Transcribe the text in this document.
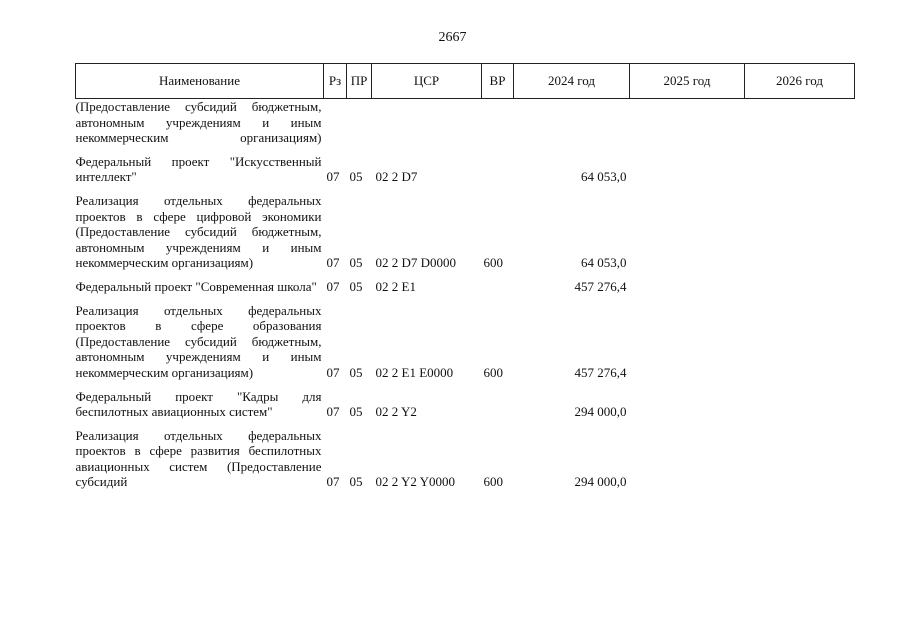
2667
Наименование	Рз	ПР	ЦСР	ВР	2024 год	2025 год	2026 год
(Предоставление субсидий бюджетным, автономным учреждениям и иным некоммерческим организациям)							

Федеральный проект "Искусственный интеллект"	07	05	02 2 D7		64 053,0		

Реализация отдельных федеральных проектов в сфере цифровой экономики (Предоставление субсидий бюджетным, автономным учреждениям и иным некоммерческим организациям)	07	05	02 2 D7 D0000	600	64 053,0		

Федеральный проект "Современная школа"	07	05	02 2 E1		457 276,4		

Реализация отдельных федеральных проектов в сфере образования (Предоставление субсидий бюджетным, автономным учреждениям и иным некоммерческим организациям)	07	05	02 2 E1 E0000	600	457 276,4		

Федеральный проект "Кадры для беспилотных авиационных систем"	07	05	02 2 Y2		294 000,0		

Реализация отдельных федеральных проектов в сфере развития беспилотных авиационных систем (Предоставление субсидий	07	05	02 2 Y2 Y0000	600	294 000,0		
